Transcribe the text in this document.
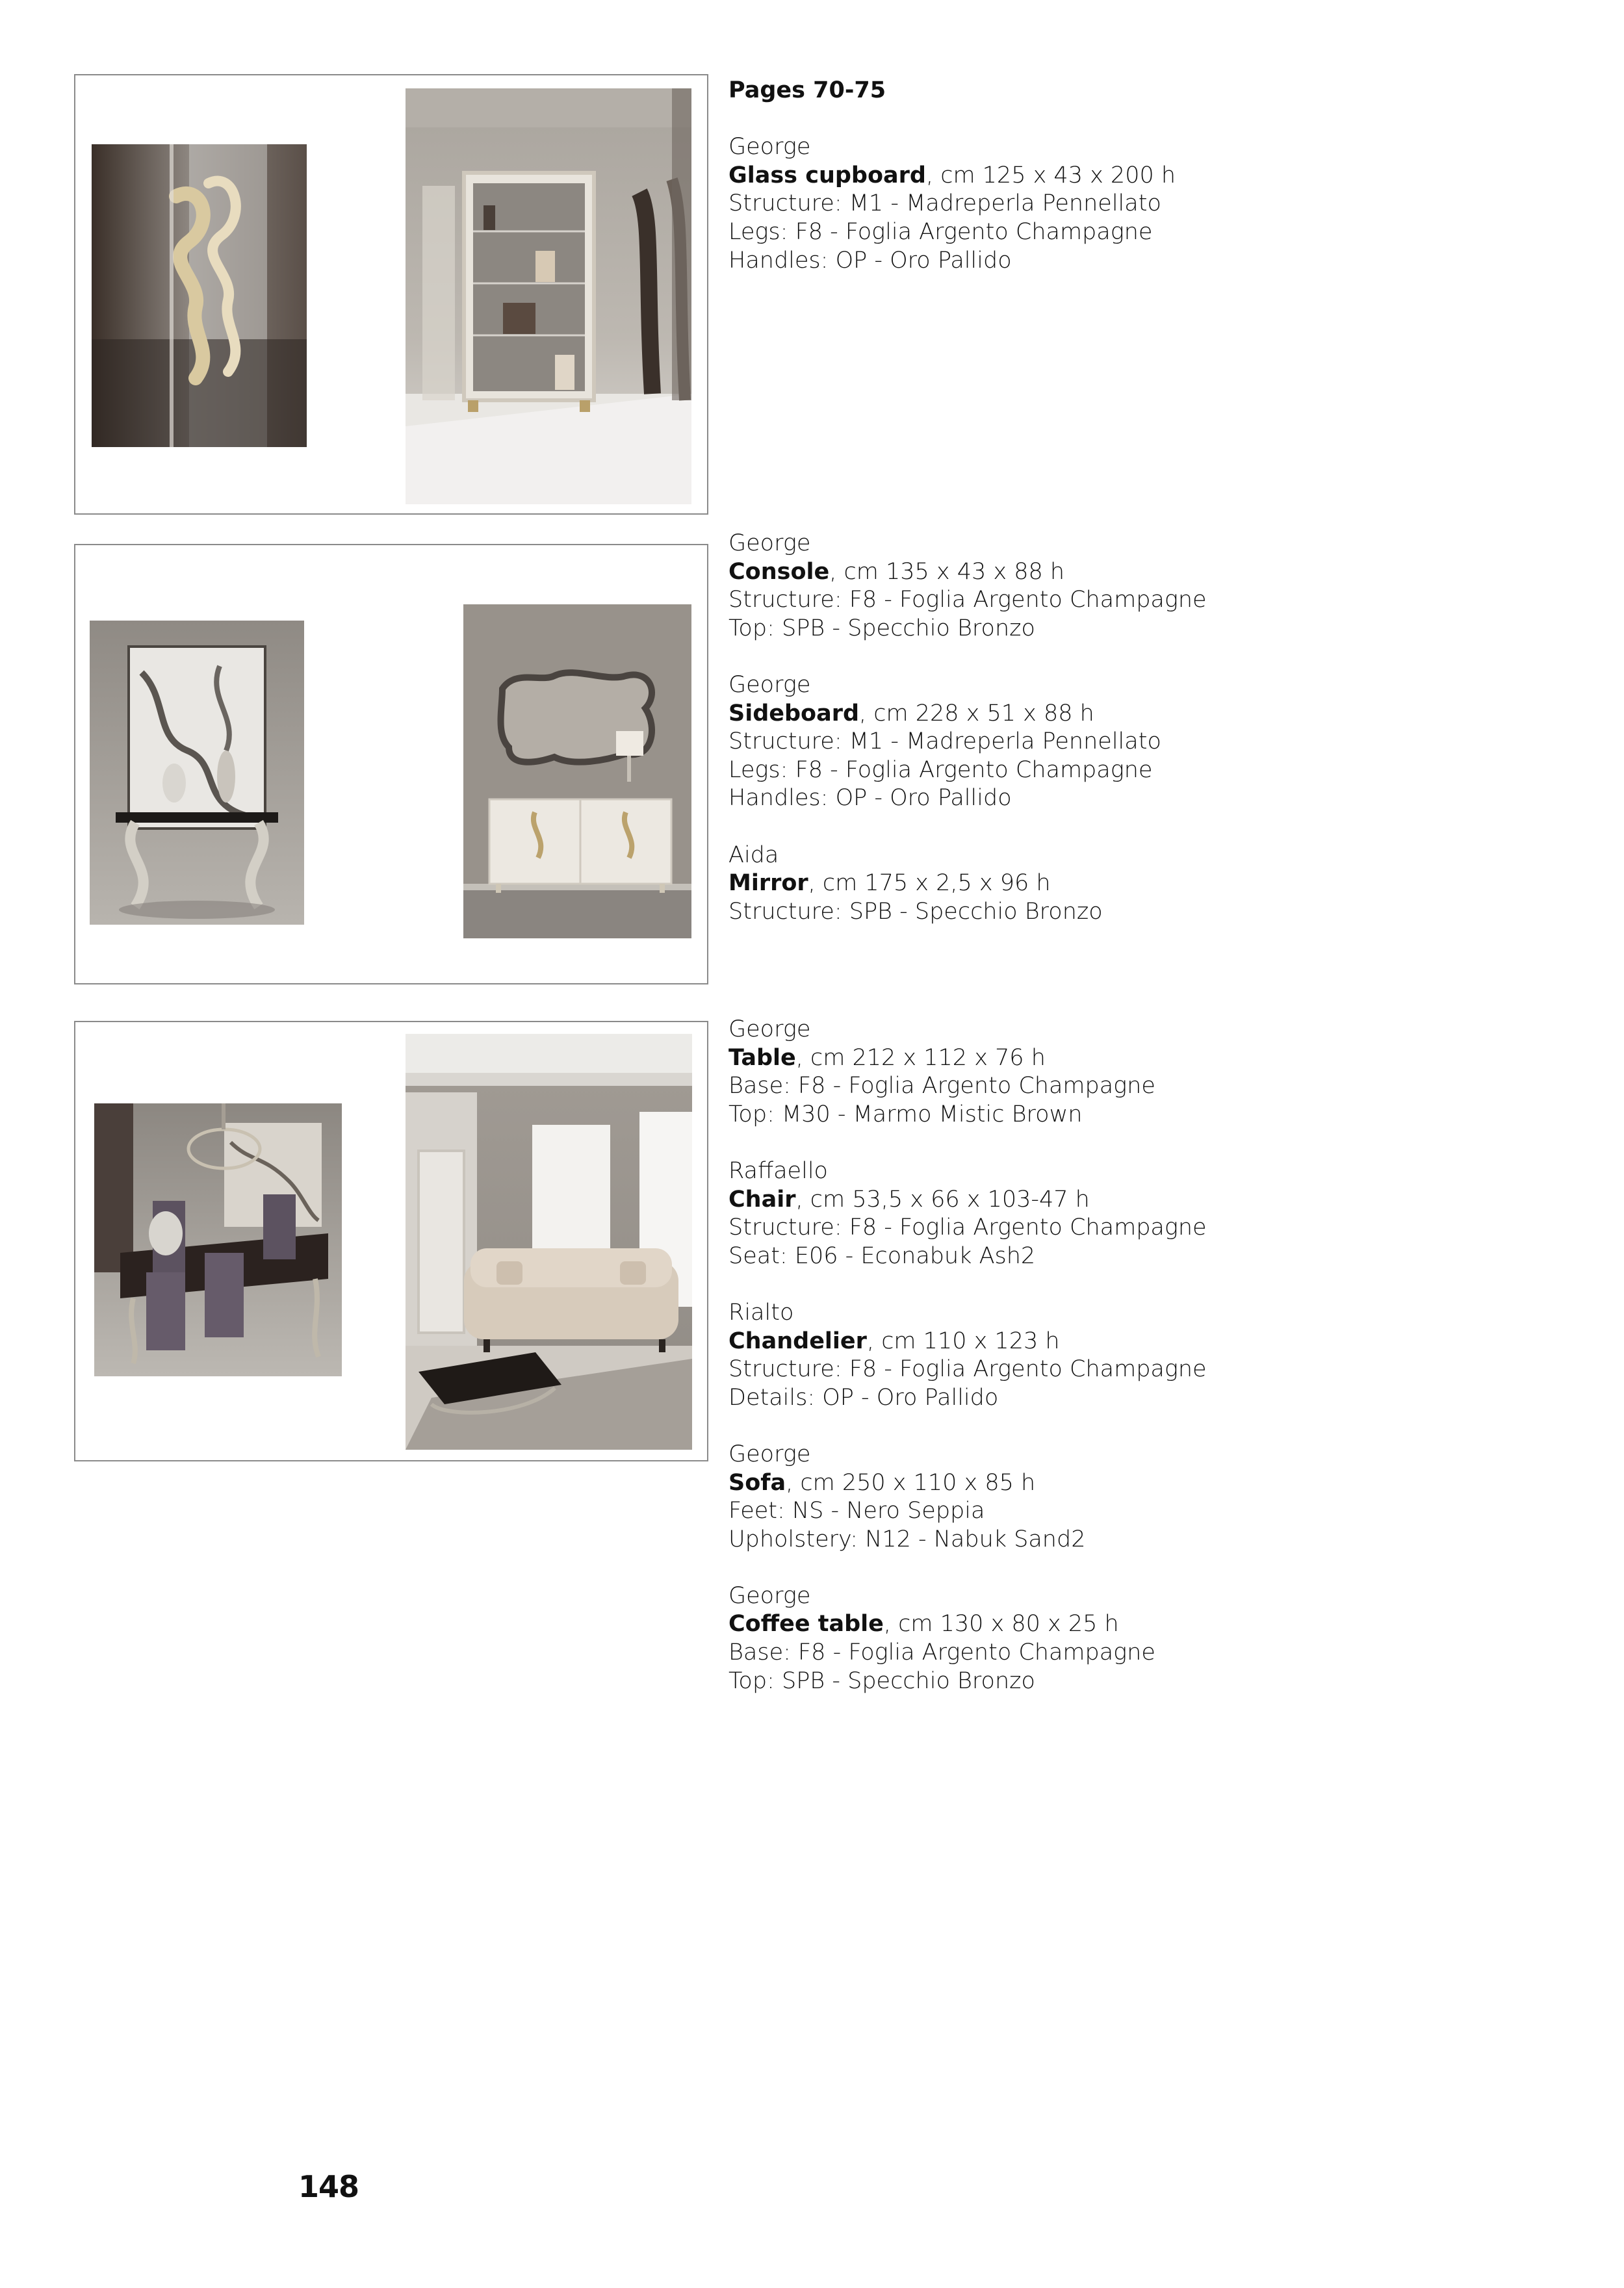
Pages 70-75

George

Glass cupboard, cm 125 x 43 x 200 h

Structure: M1 - Madreperla Pennellato

Legs: F8 - Foglia Argento Champagne

Handles: OP - Oro Pallido

George

Console, cm 135 x 43 x 88 h

Structure: F8 - Foglia Argento Champagne

Top: SPB - Specchio Bronzo

George

Sideboard, cm 228 x 51 x 88 h

Structure: M1 - Madreperla Pennellato

Legs: F8 - Foglia Argento Champagne

Handles: OP - Oro Pallido

Aida

Mirror, cm 175 x 2,5 x 96 h

Structure: SPB - Specchio Bronzo

George

Table, cm 212 x 112 x 76 h

Base: F8 - Foglia Argento Champagne

Top: M30 - Marmo Mistic Brown

Raffaello

Chair, cm 53,5 x 66 x 103-47 h

Structure: F8 - Foglia Argento Champagne

Seat: E06 - Econabuk Ash2

Rialto

Chandelier, cm 110 x 123 h

Structure: F8 - Foglia Argento Champagne

Details: OP - Oro Pallido

George

Sofa, cm 250 x 110 x 85 h

Feet: NS - Nero Seppia

Upholstery: N12 - Nabuk Sand2

George

Coffee table, cm 130 x 80 x 25 h

Base: F8 - Foglia Argento Champagne

Top: SPB - Specchio Bronzo

148
